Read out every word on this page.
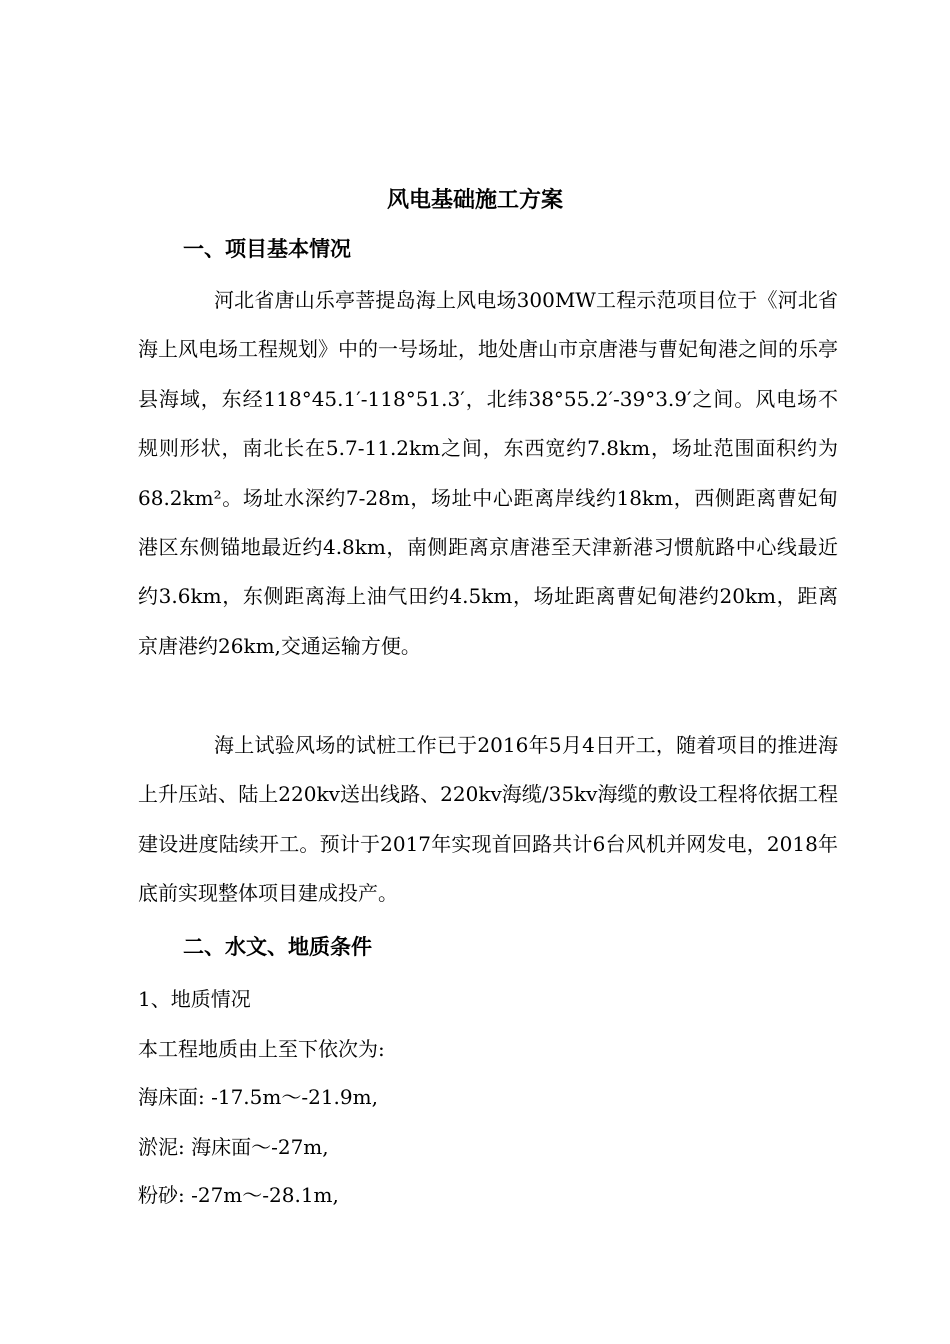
风电基础施工方案
一、项目基本情况

河北省唐山乐亭菩提岛海上风电场300MW工程示范项目位于《河北省海上风电场工程规划》中的一号场址，地处唐山市京唐港与曹妃甸港之间的乐亭县海域，东经118°45.1′-118°51.3′，北纬38°55.2′-39°3.9′之间。风电场不规则形状，南北长在5.7-11.2km之间，东西宽约7.8km，场址范围面积约为68.2km²。场址水深约7-28m，场址中心距离岸线约18km，西侧距离曹妃甸港区东侧锚地最近约4.8km，南侧距离京唐港至天津新港习惯航路中心线最近约3.6km，东侧距离海上油气田约4.5km，场址距离曹妃甸港约20km，距离京唐港约26km,交通运输方便。

海上试验风场的试桩工作已于2016年5月4日开工，随着项目的推进海上升压站、陆上220kv送出线路、220kv海缆/35kv海缆的敷设工程将依据工程建设进度陆续开工。预计于2017年实现首回路共计6台风机并网发电，2018年底前实现整体项目建成投产。

二、水文、地质条件
1、地质情况
本工程地质由上至下依次为:
海床面: -17.5m～-21.9m,
淤泥: 海床面～-27m,
粉砂: -27m～-28.1m,
